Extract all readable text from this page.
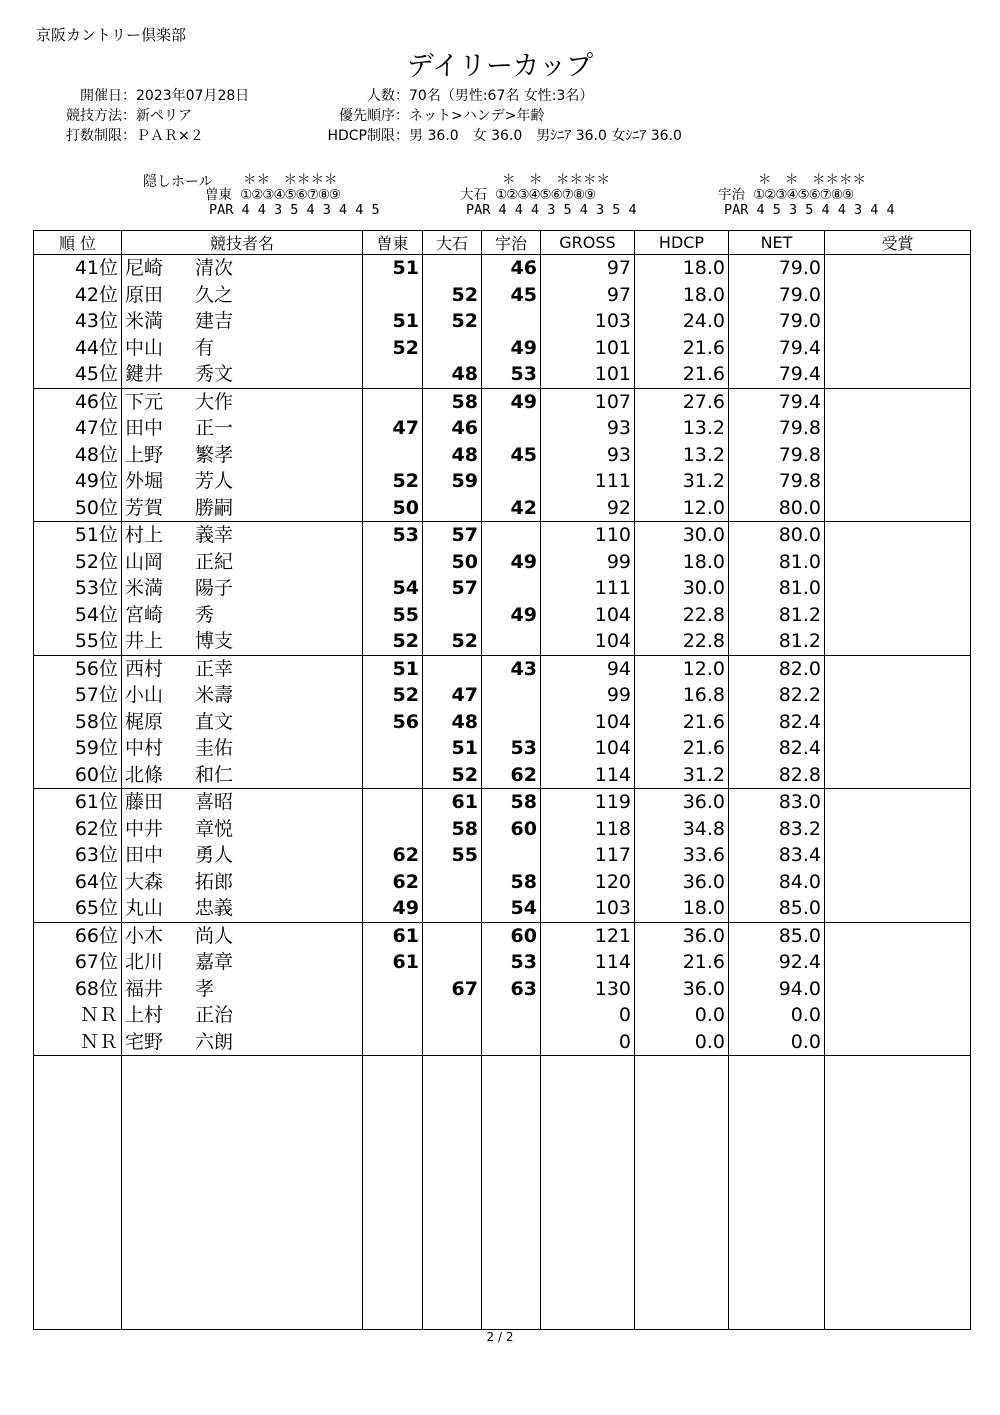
京阪カントリー倶楽部
デイリーカップ
開催日：2023年07月28日
競技方法：新ペリア
打数制限：ＰＡＲ×２
人数：70名（男性:67名 女性:3名）
優先順序：ネット>ハンデ>年齢
HDCP制限：男 36.0　女 36.0　男ｼﾆｱ 36.0 女ｼﾆｱ 36.0
隠しホール	＊＊　＊＊＊＊
曽東 ①②③④⑤⑥⑦⑧⑨
PAR 4 4 3 5 4 3 4 4 5
＊　＊　＊＊＊＊
大石 ①②③④⑤⑥⑦⑧⑨
PAR 4 4 4 3 5 4 3 5 4
＊　＊　＊＊＊＊
宇治 ①②③④⑤⑥⑦⑧⑨
PAR 4 5 3 5 4 4 3 4 4
順 位	競技者名	曽東	大石	宇治	GROSS	HDCP	NET	受賞
41位	尼崎 清次	51		46	97	18.0	79.0	
42位	原田 久之		52	45	97	18.0	79.0	
43位	米満 建吉	51	52		103	24.0	79.0	
44位	中山 有	52		49	101	21.6	79.4	
45位	鍵井 秀文		48	53	101	21.6	79.4	
46位	下元 大作		58	49	107	27.6	79.4	
47位	田中 正一	47	46		93	13.2	79.8	
48位	上野 繁孝		48	45	93	13.2	79.8	
49位	外堀 芳人	52	59		111	31.2	79.8	
50位	芳賀 勝嗣	50		42	92	12.0	80.0	
51位	村上 義幸	53	57		110	30.0	80.0	
52位	山岡 正紀		50	49	99	18.0	81.0	
53位	米満 陽子	54	57		111	30.0	81.0	
54位	宮崎 秀	55		49	104	22.8	81.2	
55位	井上 博支	52	52		104	22.8	81.2	
56位	西村 正幸	51		43	94	12.0	82.0	
57位	小山 米壽	52	47		99	16.8	82.2	
58位	梶原 直文	56	48		104	21.6	82.4	
59位	中村 圭佑		51	53	104	21.6	82.4	
60位	北條 和仁		52	62	114	31.2	82.8	
61位	藤田 喜昭		61	58	119	36.0	83.0	
62位	中井 章悦		58	60	118	34.8	83.2	
63位	田中 勇人	62	55		117	33.6	83.4	
64位	大森 拓郎	62		58	120	36.0	84.0	
65位	丸山 忠義	49		54	103	18.0	85.0	
66位	小木 尚人	61		60	121	36.0	85.0	
67位	北川 嘉章	61		53	114	21.6	92.4	
68位	福井 孝		67	63	130	36.0	94.0	
ＮＲ	上村 正治				0	0.0	0.0	
ＮＲ	宅野 六朗				0	0.0	0.0	

2 / 2
